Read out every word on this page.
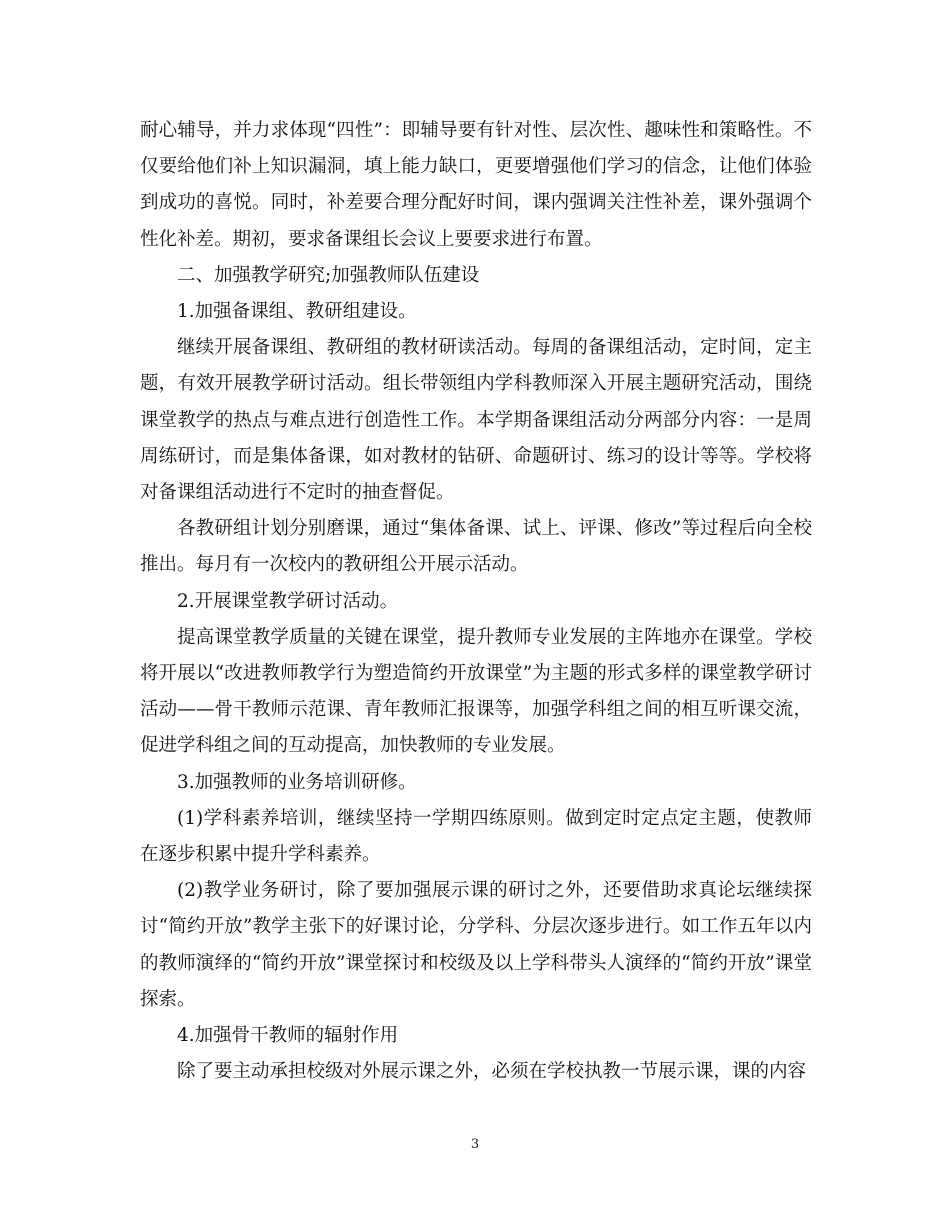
耐心辅导，并力求体现“四性”：即辅导要有针对性、层次性、趣味性和策略性。不仅要给他们补上知识漏洞，填上能力缺口，更要增强他们学习的信念，让他们体验到成功的喜悦。同时，补差要合理分配好时间，课内强调关注性补差，课外强调个性化补差。期初，要求备课组长会议上要要求进行布置。

二、加强教学研究;加强教师队伍建设

1.加强备课组、教研组建设。

继续开展备课组、教研组的教材研读活动。每周的备课组活动，定时间，定主题，有效开展教学研讨活动。组长带领组内学科教师深入开展主题研究活动，围绕课堂教学的热点与难点进行创造性工作。本学期备课组活动分两部分内容：一是周周练研讨，而是集体备课，如对教材的钻研、命题研讨、练习的设计等等。学校将对备课组活动进行不定时的抽查督促。

各教研组计划分别磨课，通过“集体备课、试上、评课、修改”等过程后向全校推出。每月有一次校内的教研组公开展示活动。

2.开展课堂教学研讨活动。

提高课堂教学质量的关键在课堂，提升教师专业发展的主阵地亦在课堂。学校将开展以“改进教师教学行为塑造简约开放课堂”为主题的形式多样的课堂教学研讨活动——骨干教师示范课、青年教师汇报课等，加强学科组之间的相互听课交流，促进学科组之间的互动提高，加快教师的专业发展。

3.加强教师的业务培训研修。

(1)学科素养培训，继续坚持一学期四练原则。做到定时定点定主题，使教师在逐步积累中提升学科素养。

(2)教学业务研讨，除了要加强展示课的研讨之外，还要借助求真论坛继续探讨“简约开放”教学主张下的好课讨论，分学科、分层次逐步进行。如工作五年以内的教师演绎的“简约开放”课堂探讨和校级及以上学科带头人演绎的“简约开放”课堂探索。

4.加强骨干教师的辐射作用

除了要主动承担校级对外展示课之外，必须在学校执教一节展示课，课的内容

3
